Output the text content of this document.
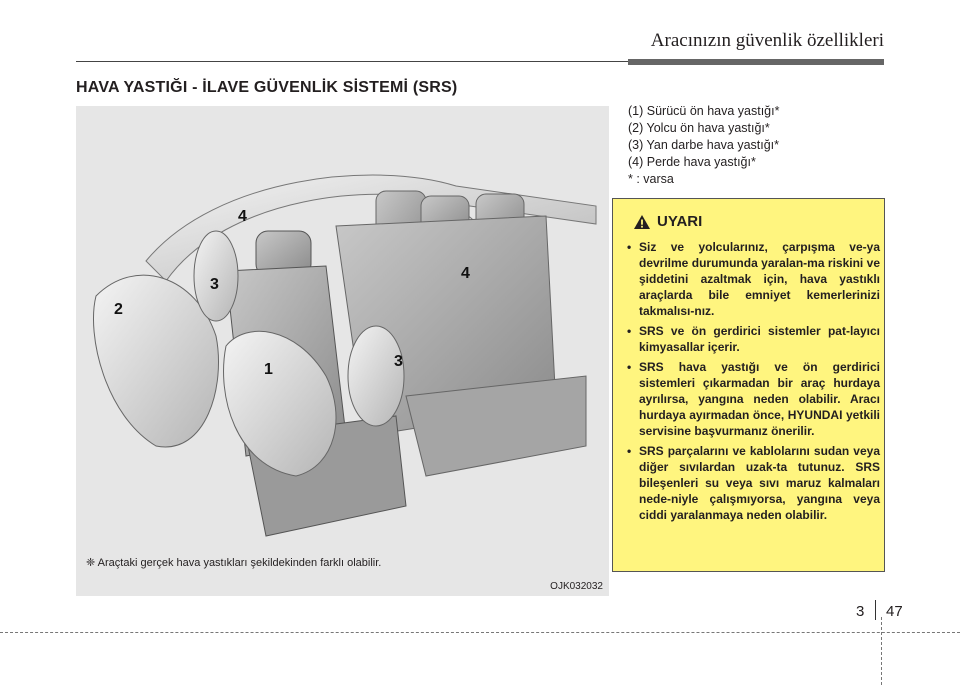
Aracınızın güvenlik özellikleri
HAVA YASTIĞI - İLAVE GÜVENLİK SİSTEMİ (SRS)
1
2
3
3
4
4
❈ Araçtaki gerçek hava yastıkları şekildekinden farklı olabilir.
OJK032032
(1) Sürücü ön hava yastığı*
(2) Yolcu ön hava yastığı*
(3) Yan darbe hava yastığı*
(4) Perde hava yastığı*
* : varsa
UYARI
• Siz ve yolcularınız, çarpışma ve-ya devrilme durumunda yaralan-ma riskini ve şiddetini azaltmak için, hava yastıklı araçlarda bile emniyet kemerlerinizi takmalısı-nız.
• SRS ve ön gerdirici sistemler pat-layıcı kimyasallar içerir.
• SRS hava yastığı ve ön gerdirici sistemleri çıkarmadan bir araç hurdaya ayrılırsa, yangına neden olabilir. Aracı hurdaya ayırmadan önce, HYUNDAI yetkili servisine başvurmanız önerilir.
• SRS parçalarını ve kablolarını sudan veya diğer sıvılardan uzak-ta tutunuz. SRS bileşenleri su veya sıvı maruz kalmaları nede-niyle çalışmıyorsa, yangına veya ciddi yaralanmaya neden olabilir.
3 47
